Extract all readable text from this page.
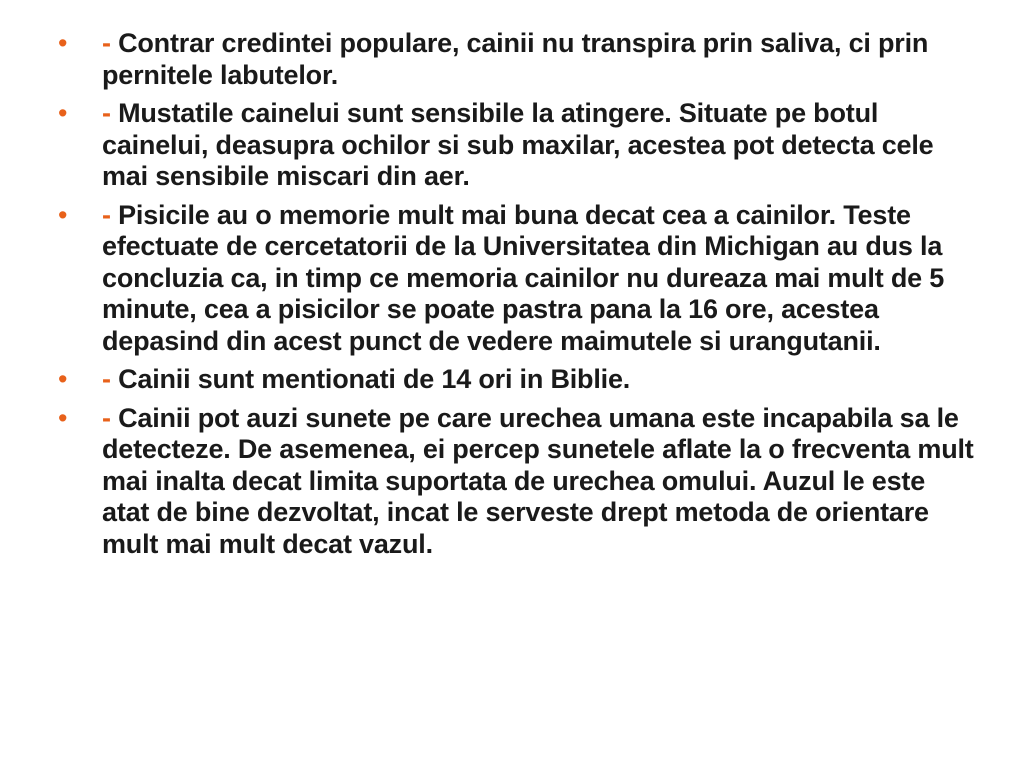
• - Contrar credintei populare, cainii nu transpira prin saliva, ci prin pernitele labutelor.
• - Mustatile cainelui sunt sensibile la atingere. Situate pe botul cainelui, deasupra ochilor si sub maxilar, acestea pot detecta cele mai sensibile miscari din aer.
• - Pisicile au o memorie mult mai buna decat cea a cainilor. Teste efectuate de cercetatorii de la Universitatea din Michigan au dus la concluzia ca, in timp ce memoria cainilor nu dureaza mai mult de 5 minute, cea a pisicilor se poate pastra pana la 16 ore, acestea depasind din acest punct de vedere maimutele si urangutanii.
• - Cainii sunt mentionati de 14 ori in Biblie.
• - Cainii pot auzi sunete pe care urechea umana este incapabila sa le detecteze. De asemenea, ei percep sunetele aflate la o frecventa mult mai inalta decat limita suportata de urechea omului. Auzul le este atat de bine dezvoltat, incat le serveste drept metoda de orientare mult mai mult decat vazul.
